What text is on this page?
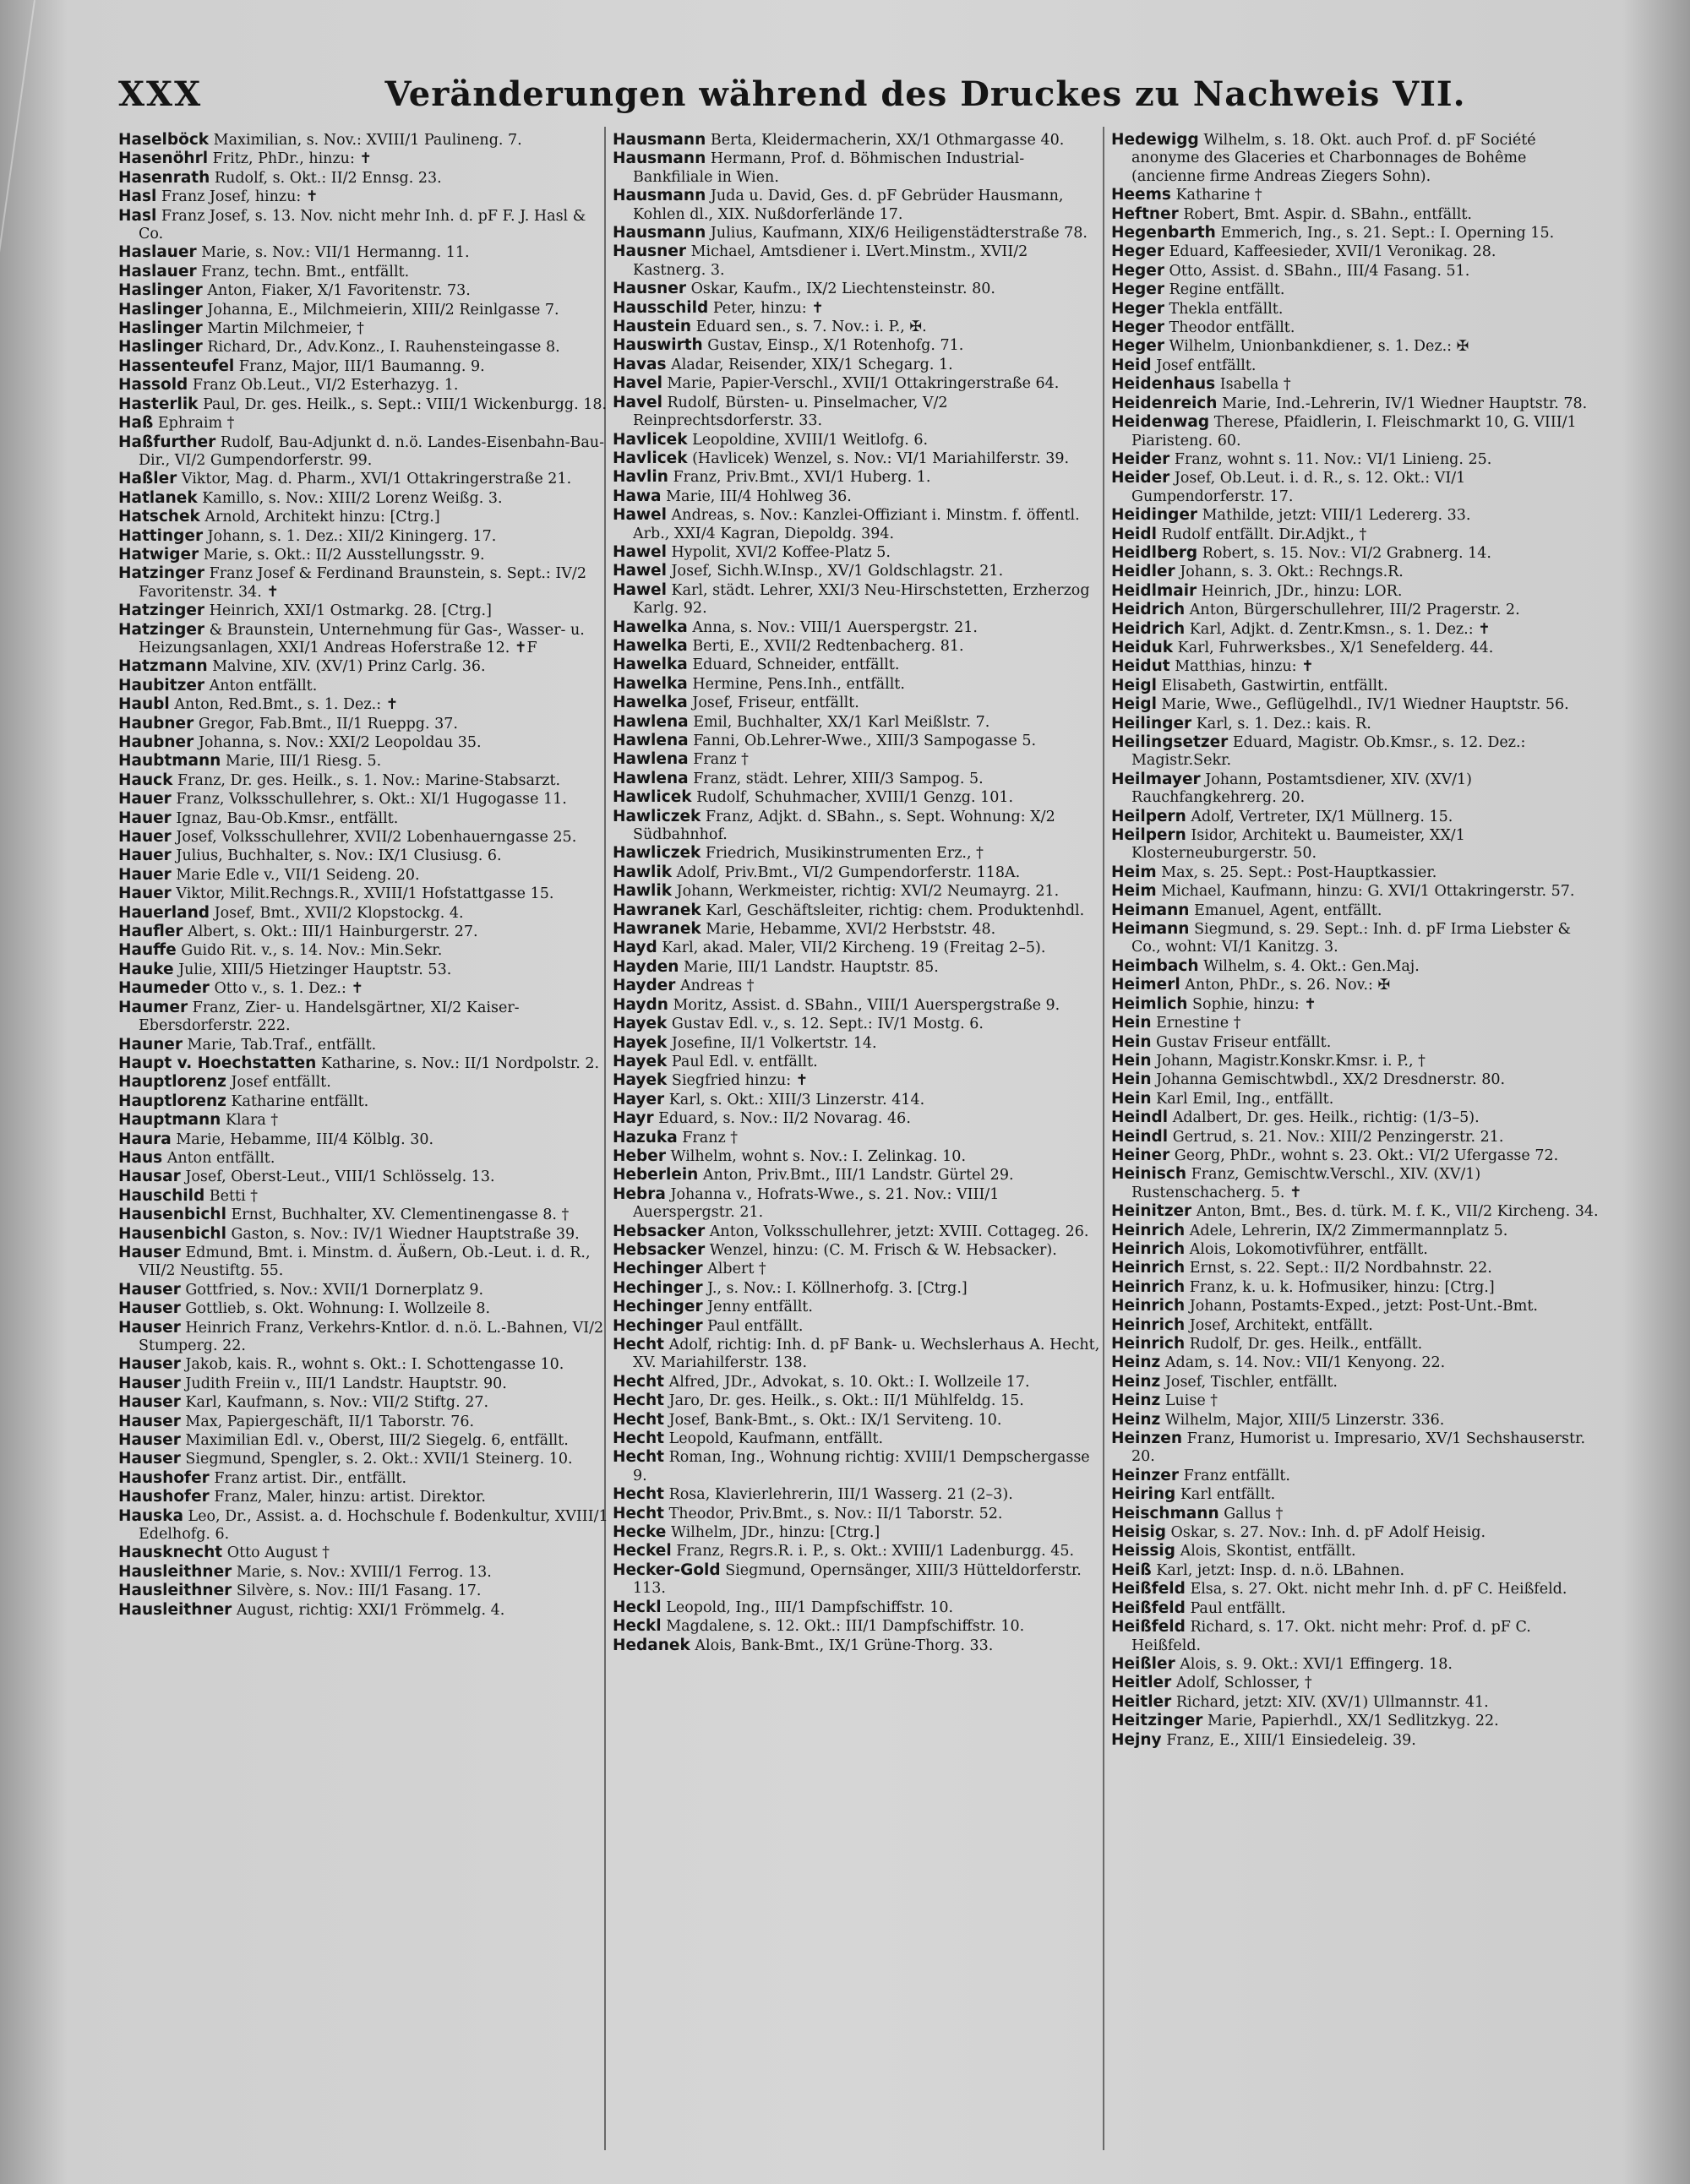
XXX	Veränderungen während des Druckes zu Nachweis VII.
Haselböck Maximilian, s. Nov.: XVIII/1 Paulineng. 7.
Hasenöhrl Fritz, PhDr., hinzu: ✝
Hasenrath Rudolf, s. Okt.: II/2 Ennsg. 23.
Hasl Franz Josef, hinzu: ✝
Hasl Franz Josef, s. 13. Nov. nicht mehr Inh. d. pF F. J. Hasl & Co.
Haslauer Marie, s. Nov.: VII/1 Hermanng. 11.
Haslauer Franz, techn. Bmt., entfällt.
Haslinger Anton, Fiaker, X/1 Favoritenstr. 73.
Haslinger Johanna, E., Milchmeierin, XIII/2 Reinlgasse 7.
Haslinger Martin Milchmeier, †
Haslinger Richard, Dr., Adv.Konz., I. Rauhensteingasse 8.
Hassenteufel Franz, Major, III/1 Baumanng. 9.
Hassold Franz Ob.Leut., VI/2 Esterhazyg. 1.
Hasterlik Paul, Dr. ges. Heilk., s. Sept.: VIII/1 Wickenburgg. 18.
Haß Ephraim †
Haßfurther Rudolf, Bau-Adjunkt d. n.ö. Landes-Eisenbahn-Bau-Dir., VI/2 Gumpendorferstr. 99.
Haßler Viktor, Mag. d. Pharm., XVI/1 Ottakringerstraße 21.
Hatlanek Kamillo, s. Nov.: XIII/2 Lorenz Weißg. 3.
Hatschek Arnold, Architekt hinzu: [Ctrg.]
Hattinger Johann, s. 1. Dez.: XII/2 Kiningerg. 17.
Hatwiger Marie, s. Okt.: II/2 Ausstellungsstr. 9.
Hatzinger Franz Josef & Ferdinand Braunstein, s. Sept.: IV/2 Favoritenstr. 34. ✝
Hatzinger Heinrich, XXI/1 Ostmarkg. 28. [Ctrg.]
Hatzinger & Braunstein, Unternehmung für Gas-, Wasser- u. Heizungsanlagen, XXI/1 Andreas Hoferstraße 12. ✝F
Hatzmann Malvine, XIV. (XV/1) Prinz Carlg. 36.
Haubitzer Anton entfällt.
Haubl Anton, Red.Bmt., s. 1. Dez.: ✝
Haubner Gregor, Fab.Bmt., II/1 Rueppg. 37.
Haubner Johanna, s. Nov.: XXI/2 Leopoldau 35.
Haubtmann Marie, III/1 Riesg. 5.
Hauck Franz, Dr. ges. Heilk., s. 1. Nov.: Marine-Stabsarzt.
Hauer Franz, Volksschullehrer, s. Okt.: XI/1 Hugogasse 11.
Hauer Ignaz, Bau-Ob.Kmsr., entfällt.
Hauer Josef, Volksschullehrer, XVII/2 Lobenhauerngasse 25.
Hauer Julius, Buchhalter, s. Nov.: IX/1 Clusiusg. 6.
Hauer Marie Edle v., VII/1 Seideng. 20.
Hauer Viktor, Milit.Rechngs.R., XVIII/1 Hofstattgasse 15.
Hauerland Josef, Bmt., XVII/2 Klopstockg. 4.
Haufler Albert, s. Okt.: III/1 Hainburgerstr. 27.
Hauffe Guido Rit. v., s. 14. Nov.: Min.Sekr.
Hauke Julie, XIII/5 Hietzinger Hauptstr. 53.
Haumeder Otto v., s. 1. Dez.: ✝
Haumer Franz, Zier- u. Handelsgärtner, XI/2 Kaiser-Ebersdorferstr. 222.
Hauner Marie, Tab.Traf., entfällt.
Haupt v. Hoechstatten Katharine, s. Nov.: II/1 Nordpolstr. 2.
Hauptlorenz Josef entfällt.
Hauptlorenz Katharine entfällt.
Hauptmann Klara †
Haura Marie, Hebamme, III/4 Kölblg. 30.
Haus Anton entfällt.
Hausar Josef, Oberst-Leut., VIII/1 Schlösselg. 13.
Hauschild Betti †
Hausenbichl Ernst, Buchhalter, XV. Clementinengasse 8. †
Hausenbichl Gaston, s. Nov.: IV/1 Wiedner Hauptstraße 39.
Hauser Edmund, Bmt. i. Minstm. d. Äußern, Ob.-Leut. i. d. R., VII/2 Neustiftg. 55.
Hauser Gottfried, s. Nov.: XVII/1 Dornerplatz 9.
Hauser Gottlieb, s. Okt. Wohnung: I. Wollzeile 8.
Hauser Heinrich Franz, Verkehrs-Kntlor. d. n.ö. L.-Bahnen, VI/2 Stumperg. 22.
Hauser Jakob, kais. R., wohnt s. Okt.: I. Schottengasse 10.
Hauser Judith Freiin v., III/1 Landstr. Hauptstr. 90.
Hauser Karl, Kaufmann, s. Nov.: VII/2 Stiftg. 27.
Hauser Max, Papiergeschäft, II/1 Taborstr. 76.
Hauser Maximilian Edl. v., Oberst, III/2 Siegelg. 6, entfällt.
Hauser Siegmund, Spengler, s. 2. Okt.: XVII/1 Steinerg. 10.
Haushofer Franz artist. Dir., entfällt.
Haushofer Franz, Maler, hinzu: artist. Direktor.
Hauska Leo, Dr., Assist. a. d. Hochschule f. Bodenkultur, XVIII/1 Edelhofg. 6.
Hausknecht Otto August †
Hausleithner Marie, s. Nov.: XVIII/1 Ferrog. 13.
Hausleithner Silvère, s. Nov.: III/1 Fasang. 17.
Hausleithner August, richtig: XXI/1 Frömmelg. 4.
Hausmann Berta, Kleidermacherin, XX/1 Othmargasse 40.
Hausmann Hermann, Prof. d. Böhmischen Industrial-Bankfiliale in Wien.
Hausmann Juda u. David, Ges. d. pF Gebrüder Hausmann, Kohlen dl., XIX. Nußdorferlände 17.
Hausmann Julius, Kaufmann, XIX/6 Heiligenstädterstraße 78.
Hausner Michael, Amtsdiener i. LVert.Minstm., XVII/2 Kastnerg. 3.
Hausner Oskar, Kaufm., IX/2 Liechtensteinstr. 80.
Hausschild Peter, hinzu: ✝
Haustein Eduard sen., s. 7. Nov.: i. P., ✠.
Hauswirth Gustav, Einsp., X/1 Rotenhofg. 71.
Havas Aladar, Reisender, XIX/1 Schegarg. 1.
Havel Marie, Papier-Verschl., XVII/1 Ottakringerstraße 64.
Havel Rudolf, Bürsten- u. Pinselmacher, V/2 Reinprechtsdorferstr. 33.
Havlicek Leopoldine, XVIII/1 Weitlofg. 6.
Havlicek (Havlicek) Wenzel, s. Nov.: VI/1 Mariahilferstr. 39.
Havlin Franz, Priv.Bmt., XVI/1 Huberg. 1.
Hawa Marie, III/4 Hohlweg 36.
Hawel Andreas, s. Nov.: Kanzlei-Offiziant i. Minstm. f. öffentl. Arb., XXI/4 Kagran, Diepoldg. 394.
Hawel Hypolit, XVI/2 Koffee-Platz 5.
Hawel Josef, Sichh.W.Insp., XV/1 Goldschlagstr. 21.
Hawel Karl, städt. Lehrer, XXI/3 Neu-Hirschstetten, Erzherzog Karlg. 92.
Hawelka Anna, s. Nov.: VIII/1 Auerspergstr. 21.
Hawelka Berti, E., XVII/2 Redtenbacherg. 81.
Hawelka Eduard, Schneider, entfällt.
Hawelka Hermine, Pens.Inh., entfällt.
Hawelka Josef, Friseur, entfällt.
Hawlena Emil, Buchhalter, XX/1 Karl Meißlstr. 7.
Hawlena Fanni, Ob.Lehrer-Wwe., XIII/3 Sampogasse 5.
Hawlena Franz †
Hawlena Franz, städt. Lehrer, XIII/3 Sampog. 5.
Hawlicek Rudolf, Schuhmacher, XVIII/1 Genzg. 101.
Hawliczek Franz, Adjkt. d. SBahn., s. Sept. Wohnung: X/2 Südbahnhof.
Hawliczek Friedrich, Musikinstrumenten Erz., †
Hawlik Adolf, Priv.Bmt., VI/2 Gumpendorferstr. 118A.
Hawlik Johann, Werkmeister, richtig: XVI/2 Neumayrg. 21.
Hawranek Karl, Geschäftsleiter, richtig: chem. Produktenhdl.
Hawranek Marie, Hebamme, XVI/2 Herbststr. 48.
Hayd Karl, akad. Maler, VII/2 Kircheng. 19 (Freitag 2–5).
Hayden Marie, III/1 Landstr. Hauptstr. 85.
Hayder Andreas †
Haydn Moritz, Assist. d. SBahn., VIII/1 Auerspergstraße 9.
Hayek Gustav Edl. v., s. 12. Sept.: IV/1 Mostg. 6.
Hayek Josefine, II/1 Volkertstr. 14.
Hayek Paul Edl. v. entfällt.
Hayek Siegfried hinzu: ✝
Hayer Karl, s. Okt.: XIII/3 Linzerstr. 414.
Hayr Eduard, s. Nov.: II/2 Novarag. 46.
Hazuka Franz †
Heber Wilhelm, wohnt s. Nov.: I. Zelinkag. 10.
Heberlein Anton, Priv.Bmt., III/1 Landstr. Gürtel 29.
Hebra Johanna v., Hofrats-Wwe., s. 21. Nov.: VIII/1 Auerspergstr. 21.
Hebsacker Anton, Volksschullehrer, jetzt: XVIII. Cottageg. 26.
Hebsacker Wenzel, hinzu: (C. M. Frisch & W. Hebsacker).
Hechinger Albert †
Hechinger J., s. Nov.: I. Köllnerhofg. 3. [Ctrg.]
Hechinger Jenny entfällt.
Hechinger Paul entfällt.
Hecht Adolf, richtig: Inh. d. pF Bank- u. Wechslerhaus A. Hecht, XV. Mariahilferstr. 138.
Hecht Alfred, JDr., Advokat, s. 10. Okt.: I. Wollzeile 17.
Hecht Jaro, Dr. ges. Heilk., s. Okt.: II/1 Mühlfeldg. 15.
Hecht Josef, Bank-Bmt., s. Okt.: IX/1 Serviteng. 10.
Hecht Leopold, Kaufmann, entfällt.
Hecht Roman, Ing., Wohnung richtig: XVIII/1 Dempschergasse 9.
Hecht Rosa, Klavierlehrerin, III/1 Wasserg. 21 (2–3).
Hecht Theodor, Priv.Bmt., s. Nov.: II/1 Taborstr. 52.
Hecke Wilhelm, JDr., hinzu: [Ctrg.]
Heckel Franz, Regrs.R. i. P., s. Okt.: XVIII/1 Ladenburgg. 45.
Hecker-Gold Siegmund, Opernsänger, XIII/3 Hütteldorferstr. 113.
Heckl Leopold, Ing., III/1 Dampfschiffstr. 10.
Heckl Magdalene, s. 12. Okt.: III/1 Dampfschiffstr. 10.
Hedanek Alois, Bank-Bmt., IX/1 Grüne-Thorg. 33.
Hedewigg Wilhelm, s. 18. Okt. auch Prof. d. pF Société anonyme des Glaceries et Charbonnages de Bohême (ancienne firme Andreas Ziegers Sohn).
Heems Katharine †
Heftner Robert, Bmt. Aspir. d. SBahn., entfällt.
Hegenbarth Emmerich, Ing., s. 21. Sept.: I. Operning 15.
Heger Eduard, Kaffeesieder, XVII/1 Veronikag. 28.
Heger Otto, Assist. d. SBahn., III/4 Fasang. 51.
Heger Regine entfällt.
Heger Thekla entfällt.
Heger Theodor entfällt.
Heger Wilhelm, Unionbankdiener, s. 1. Dez.: ✠
Heid Josef entfällt.
Heidenhaus Isabella †
Heidenreich Marie, Ind.-Lehrerin, IV/1 Wiedner Hauptstr. 78.
Heidenwag Therese, Pfaidlerin, I. Fleischmarkt 10, G. VIII/1 Piaristeng. 60.
Heider Franz, wohnt s. 11. Nov.: VI/1 Linieng. 25.
Heider Josef, Ob.Leut. i. d. R., s. 12. Okt.: VI/1 Gumpendorferstr. 17.
Heidinger Mathilde, jetzt: VIII/1 Ledererg. 33.
Heidl Rudolf entfällt. Dir.Adjkt., †
Heidlberg Robert, s. 15. Nov.: VI/2 Grabnerg. 14.
Heidler Johann, s. 3. Okt.: Rechngs.R.
Heidlmair Heinrich, JDr., hinzu: LOR.
Heidrich Anton, Bürgerschullehrer, III/2 Pragerstr. 2.
Heidrich Karl, Adjkt. d. Zentr.Kmsn., s. 1. Dez.: ✝
Heiduk Karl, Fuhrwerksbes., X/1 Senefelderg. 44.
Heidut Matthias, hinzu: ✝
Heigl Elisabeth, Gastwirtin, entfällt.
Heigl Marie, Wwe., Geflügelhdl., IV/1 Wiedner Hauptstr. 56.
Heilinger Karl, s. 1. Dez.: kais. R.
Heilingsetzer Eduard, Magistr. Ob.Kmsr., s. 12. Dez.: Magistr.Sekr.
Heilmayer Johann, Postamtsdiener, XIV. (XV/1) Rauchfangkehrerg. 20.
Heilpern Adolf, Vertreter, IX/1 Müllnerg. 15.
Heilpern Isidor, Architekt u. Baumeister, XX/1 Klosterneuburgerstr. 50.
Heim Max, s. 25. Sept.: Post-Hauptkassier.
Heim Michael, Kaufmann, hinzu: G. XVI/1 Ottakringerstr. 57.
Heimann Emanuel, Agent, entfällt.
Heimann Siegmund, s. 29. Sept.: Inh. d. pF Irma Liebster & Co., wohnt: VI/1 Kanitzg. 3.
Heimbach Wilhelm, s. 4. Okt.: Gen.Maj.
Heimerl Anton, PhDr., s. 26. Nov.: ✠
Heimlich Sophie, hinzu: ✝
Hein Ernestine †
Hein Gustav Friseur entfällt.
Hein Johann, Magistr.Konskr.Kmsr. i. P., †
Hein Johanna Gemischtwbdl., XX/2 Dresdnerstr. 80.
Hein Karl Emil, Ing., entfällt.
Heindl Adalbert, Dr. ges. Heilk., richtig: (1/3–5).
Heindl Gertrud, s. 21. Nov.: XIII/2 Penzingerstr. 21.
Heiner Georg, PhDr., wohnt s. 23. Okt.: VI/2 Ufergasse 72.
Heinisch Franz, Gemischtw.Verschl., XIV. (XV/1) Rustenschacherg. 5. ✝
Heinitzer Anton, Bmt., Bes. d. türk. M. f. K., VII/2 Kircheng. 34.
Heinrich Adele, Lehrerin, IX/2 Zimmermannplatz 5.
Heinrich Alois, Lokomotivführer, entfällt.
Heinrich Ernst, s. 22. Sept.: II/2 Nordbahnstr. 22.
Heinrich Franz, k. u. k. Hofmusiker, hinzu: [Ctrg.]
Heinrich Johann, Postamts-Exped., jetzt: Post-Unt.-Bmt.
Heinrich Josef, Architekt, entfällt.
Heinrich Rudolf, Dr. ges. Heilk., entfällt.
Heinz Adam, s. 14. Nov.: VII/1 Kenyong. 22.
Heinz Josef, Tischler, entfällt.
Heinz Luise †
Heinz Wilhelm, Major, XIII/5 Linzerstr. 336.
Heinzen Franz, Humorist u. Impresario, XV/1 Sechshauserstr. 20.
Heinzer Franz entfällt.
Heiring Karl entfällt.
Heischmann Gallus †
Heisig Oskar, s. 27. Nov.: Inh. d. pF Adolf Heisig.
Heissig Alois, Skontist, entfällt.
Heiß Karl, jetzt: Insp. d. n.ö. LBahnen.
Heißfeld Elsa, s. 27. Okt. nicht mehr Inh. d. pF C. Heißfeld.
Heißfeld Paul entfällt.
Heißfeld Richard, s. 17. Okt. nicht mehr: Prof. d. pF C. Heißfeld.
Heißler Alois, s. 9. Okt.: XVI/1 Effingerg. 18.
Heitler Adolf, Schlosser, †
Heitler Richard, jetzt: XIV. (XV/1) Ullmannstr. 41.
Heitzinger Marie, Papierhdl., XX/1 Sedlitzkyg. 22.
Hejny Franz, E., XIII/1 Einsiedeleig. 39.
